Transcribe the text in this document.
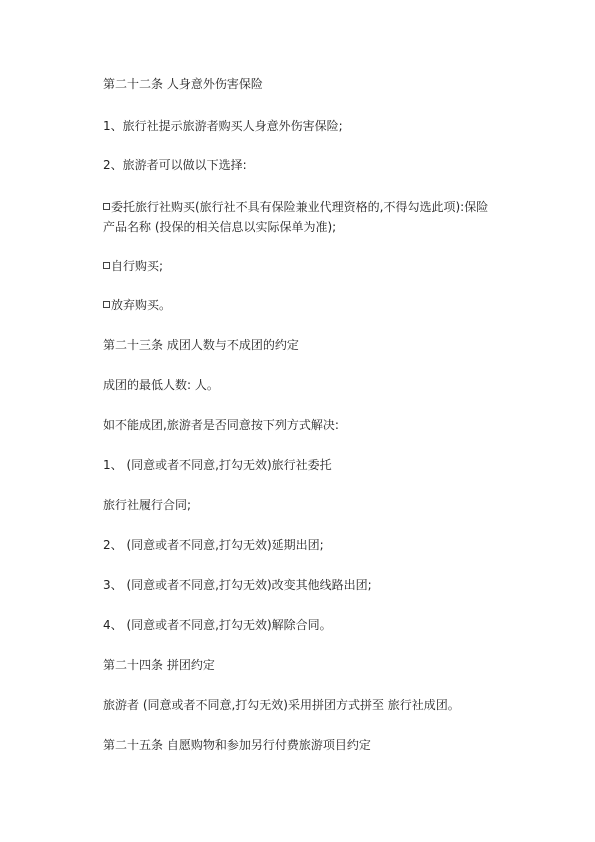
第二十二条 人身意外伤害保险
1、旅行社提示旅游者购买人身意外伤害保险;
2、旅游者可以做以下选择:
委托旅行社购买(旅行社不具有保险兼业代理资格的,不得勾选此项):保险产品名称 (投保的相关信息以实际保单为准);
自行购买;
放弃购买。
第二十三条 成团人数与不成团的约定
成团的最低人数: 人。
如不能成团,旅游者是否同意按下列方式解决:
1、 (同意或者不同意,打勾无效)旅行社委托
旅行社履行合同;
2、 (同意或者不同意,打勾无效)延期出团;
3、 (同意或者不同意,打勾无效)改变其他线路出团;
4、 (同意或者不同意,打勾无效)解除合同。
第二十四条 拼团约定
旅游者 (同意或者不同意,打勾无效)采用拼团方式拼至 旅行社成团。
第二十五条 自愿购物和参加另行付费旅游项目约定
